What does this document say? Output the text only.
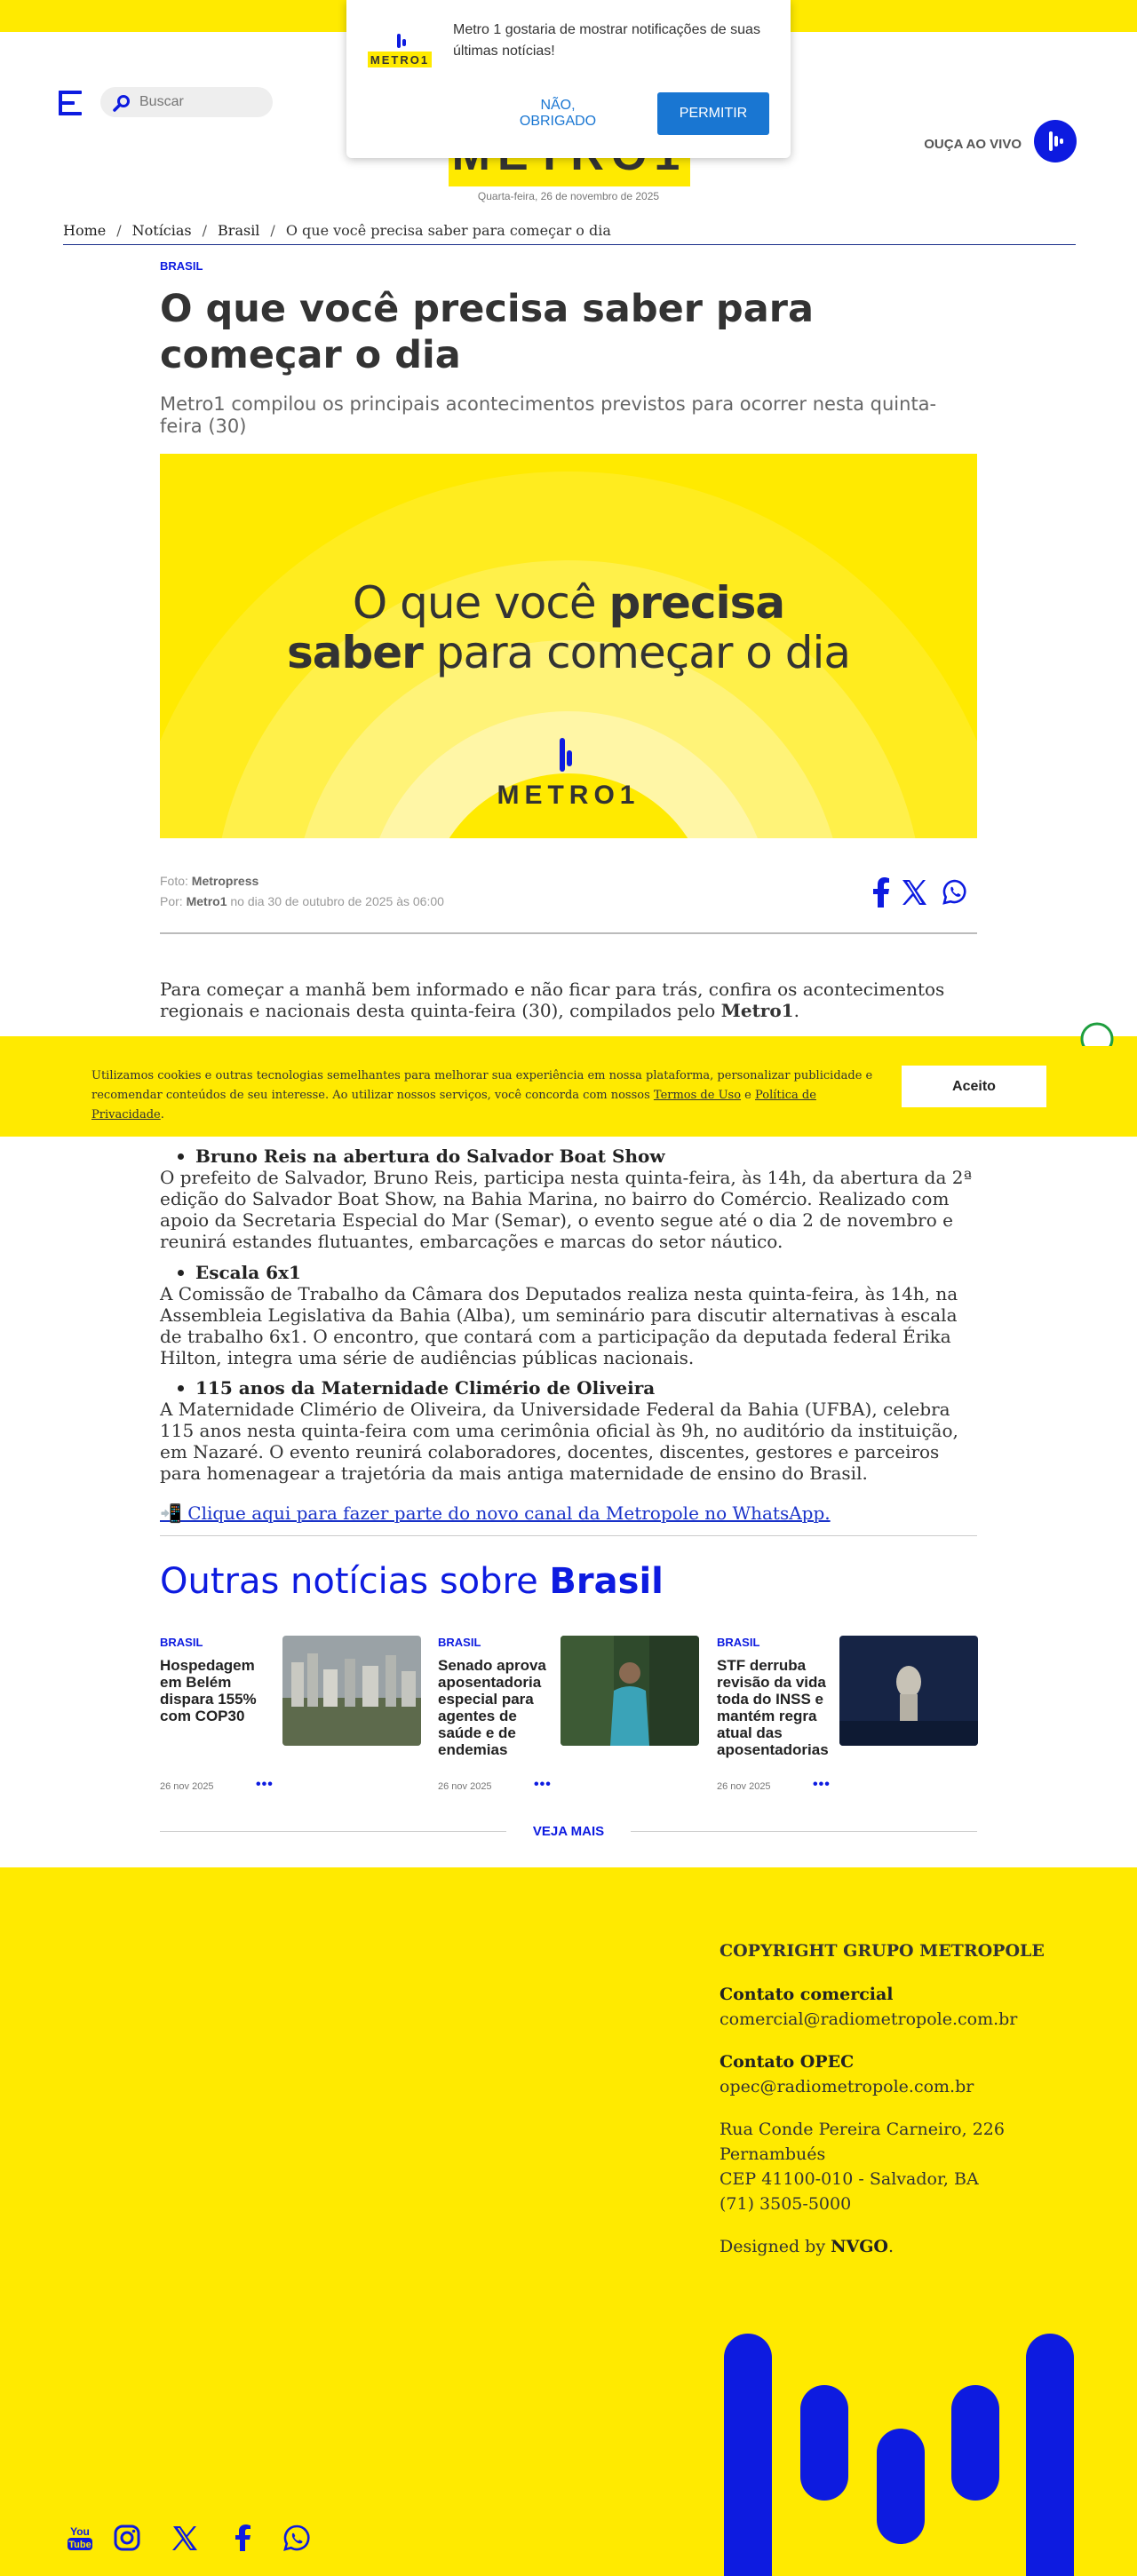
Buscar
Quarta-feira, 26 de novembro de 2025
OUÇA AO VIVO
Home / Notícias / Brasil / O que você precisa saber para começar o dia
BRASIL
O que você precisa saber para começar o dia
Metro1 compilou os principais acontecimentos previstos para ocorrer nesta quinta-feira (30)
O que você precisa
saber para começar o dia
METRO1
Foto: Metropress
Por: Metro1 no dia 30 de outubro de 2025 às 06:00

Para começar a manhã bem informado e não ficar para trás, confira os acontecimentos regionais e nacionais desta quinta-feira (30), compilados pelo Metro1.

Bruno Reis na abertura do Salvador Boat Show
O prefeito de Salvador, Bruno Reis, participa nesta quinta-feira, às 14h, da abertura da 2ª edição do Salvador Boat Show, na Bahia Marina, no bairro do Comércio. Realizado com apoio da Secretaria Especial do Mar (Semar), o evento segue até o dia 2 de novembro e reunirá estandes flutuantes, embarcações e marcas do setor náutico.
Escala 6x1
A Comissão de Trabalho da Câmara dos Deputados realiza nesta quinta-feira, às 14h, na Assembleia Legislativa da Bahia (Alba), um seminário para discutir alternativas à escala de trabalho 6x1. O encontro, que contará com a participação da deputada federal Érika Hilton, integra uma série de audiências públicas nacionais.
115 anos da Maternidade Climério de Oliveira
A Maternidade Climério de Oliveira, da Universidade Federal da Bahia (UFBA), celebra 115 anos nesta quinta-feira com uma cerimônia oficial às 9h, no auditório da instituição, em Nazaré. O evento reunirá colaboradores, docentes, discentes, gestores e parceiros para homenagear a trajetória da mais antiga maternidade de ensino do Brasil.
📲 Clique aqui para fazer parte do novo canal da Metropole no WhatsApp.
Utilizamos cookies e outras tecnologias semelhantes para melhorar sua experiência em nossa plataforma, personalizar publicidade e recomendar conteúdos de seu interesse. Ao utilizar nossos serviços, você concorda com nossos Termos de Uso e Política de Privacidade.
Aceito
Outras notícias sobre Brasil
BRASIL
Hospedagem em Belém dispara 155% com COP30
26 nov 2025	•••
BRASIL
Senado aprova aposentadoria especial para agentes de saúde e de endemias
26 nov 2025	•••
BRASIL
STF derruba revisão da vida toda do INSS e mantém regra atual das aposentadorias
26 nov 2025	•••
VEJA MAIS
COPYRIGHT GRUPO METROPOLE
Contato comercial
comercial@radiometropole.com.br
Contato OPEC
opec@radiometropole.com.br
Rua Conde Pereira Carneiro, 226
Pernambués
CEP 41100-010 - Salvador, BA
(71) 3505-5000
Designed by NVGO.
You
Tube
METRO1
Metro 1 gostaria de mostrar notificações de suas últimas notícias!
NÃO, OBRIGADO
PERMITIR
